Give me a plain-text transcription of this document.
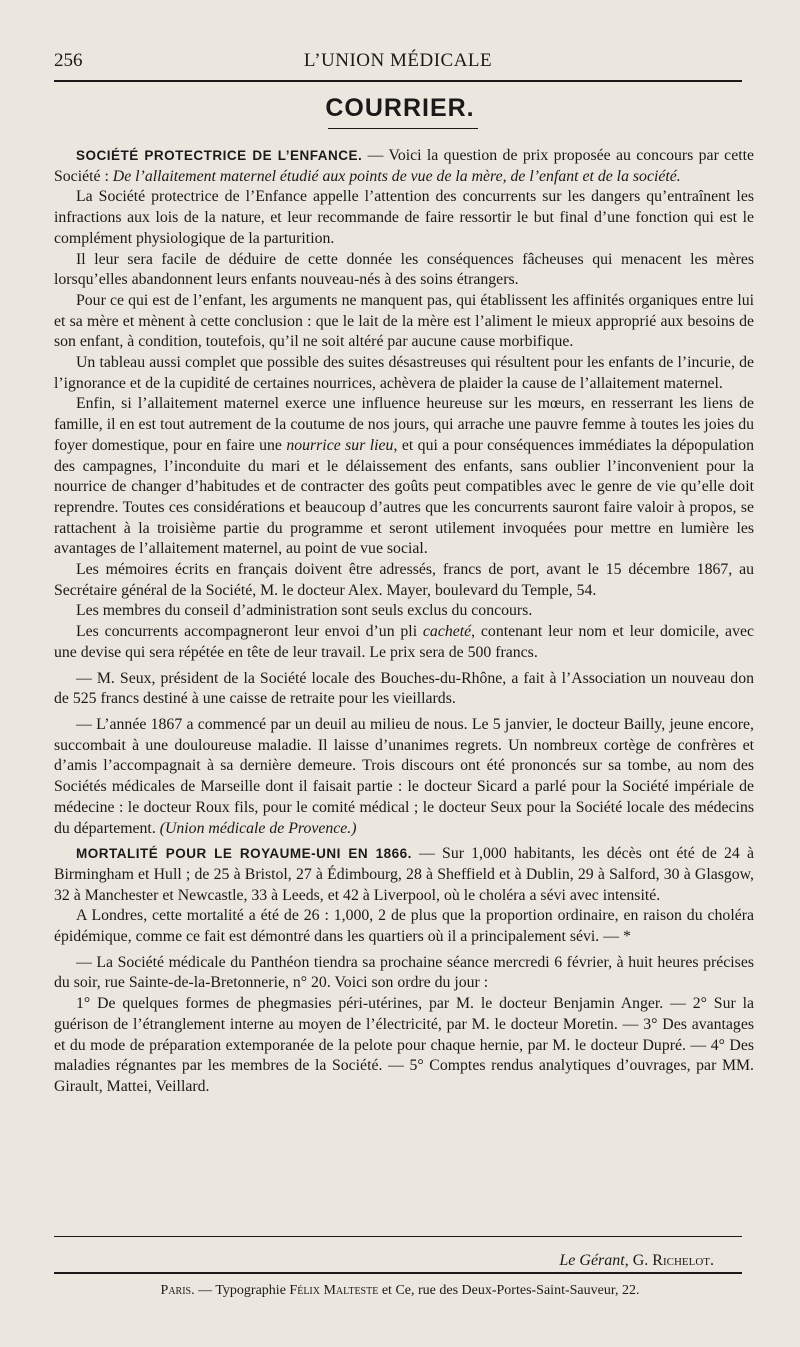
256	L’UNION MÉDICALE
COURRIER.

SOCIÉTÉ PROTECTRICE DE L’ENFANCE. — Voici la question de prix proposée au concours par cette Société : De l’allaitement maternel étudié aux points de vue de la mère, de l’enfant et de la société.

La Société protectrice de l’Enfance appelle l’attention des concurrents sur les dangers qu’entraînent les infractions aux lois de la nature, et leur recommande de faire ressortir le but final d’une fonction qui est le complément physiologique de la parturition.

Il leur sera facile de déduire de cette donnée les conséquences fâcheuses qui menacent les mères lorsqu’elles abandonnent leurs enfants nouveau-nés à des soins étrangers.

Pour ce qui est de l’enfant, les arguments ne manquent pas, qui établissent les affinités organiques entre lui et sa mère et mènent à cette conclusion : que le lait de la mère est l’aliment le mieux approprié aux besoins de son enfant, à condition, toutefois, qu’il ne soit altéré par aucune cause morbifique.

Un tableau aussi complet que possible des suites désastreuses qui résultent pour les enfants de l’incurie, de l’ignorance et de la cupidité de certaines nourrices, achèvera de plaider la cause de l’allaitement maternel.

Enfin, si l’allaitement maternel exerce une influence heureuse sur les mœurs, en resserrant les liens de famille, il en est tout autrement de la coutume de nos jours, qui arrache une pauvre femme à toutes les joies du foyer domestique, pour en faire une nourrice sur lieu, et qui a pour conséquences immédiates la dépopulation des campagnes, l’inconduite du mari et le délaissement des enfants, sans oublier l’inconvenient pour la nourrice de changer d’habitudes et de contracter des goûts peut compatibles avec le genre de vie qu’elle doit reprendre. Toutes ces considérations et beaucoup d’autres que les concurrents sauront faire valoir à propos, se rattachent à la troisième partie du programme et seront utilement invoquées pour mettre en lumière les avantages de l’allaitement maternel, au point de vue social.

Les mémoires écrits en français doivent être adressés, francs de port, avant le 15 décembre 1867, au Secrétaire général de la Société, M. le docteur Alex. Mayer, boulevard du Temple, 54.

Les membres du conseil d’administration sont seuls exclus du concours.

Les concurrents accompagneront leur envoi d’un pli cacheté, contenant leur nom et leur domicile, avec une devise qui sera répétée en tête de leur travail. Le prix sera de 500 francs.

— M. Seux, président de la Société locale des Bouches-du-Rhône, a fait à l’Association un nouveau don de 525 francs destiné à une caisse de retraite pour les vieillards.

— L’année 1867 a commencé par un deuil au milieu de nous. Le 5 janvier, le docteur Bailly, jeune encore, succombait à une douloureuse maladie. Il laisse d’unanimes regrets. Un nombreux cortège de confrères et d’amis l’accompagnait à sa dernière demeure. Trois discours ont été prononcés sur sa tombe, au nom des Sociétés médicales de Marseille dont il faisait partie : le docteur Sicard a parlé pour la Société impériale de médecine : le docteur Roux fils, pour le comité médical ; le docteur Seux pour la Société locale des médecins du département. (Union médicale de Provence.)

MORTALITÉ POUR LE ROYAUME-UNI EN 1866. — Sur 1,000 habitants, les décès ont été de 24 à Birmingham et Hull ; de 25 à Bristol, 27 à Édimbourg, 28 à Sheffield et à Dublin, 29 à Salford, 30 à Glasgow, 32 à Manchester et Newcastle, 33 à Leeds, et 42 à Liverpool, où le choléra a sévi avec intensité.

A Londres, cette mortalité a été de 26 : 1,000, 2 de plus que la proportion ordinaire, en raison du choléra épidémique, comme ce fait est démontré dans les quartiers où il a principalement sévi. — *

— La Société médicale du Panthéon tiendra sa prochaine séance mercredi 6 février, à huit heures précises du soir, rue Sainte-de-la-Bretonnerie, n° 20. Voici son ordre du jour :

1° De quelques formes de phegmasies péri-utérines, par M. le docteur Benjamin Anger. — 2° Sur la guérison de l’étranglement interne au moyen de l’électricité, par M. le docteur Moretin. — 3° Des avantages et du mode de préparation extemporanée de la pelote pour chaque hernie, par M. le docteur Dupré. — 4° Des maladies régnantes par les membres de la Société. — 5° Comptes rendus analytiques d’ouvrages, par MM. Girault, Mattei, Veillard.

Le Gérant, G. Richelot.
Paris. — Typographie Félix Malteste et Ce, rue des Deux-Portes-Saint-Sauveur, 22.
